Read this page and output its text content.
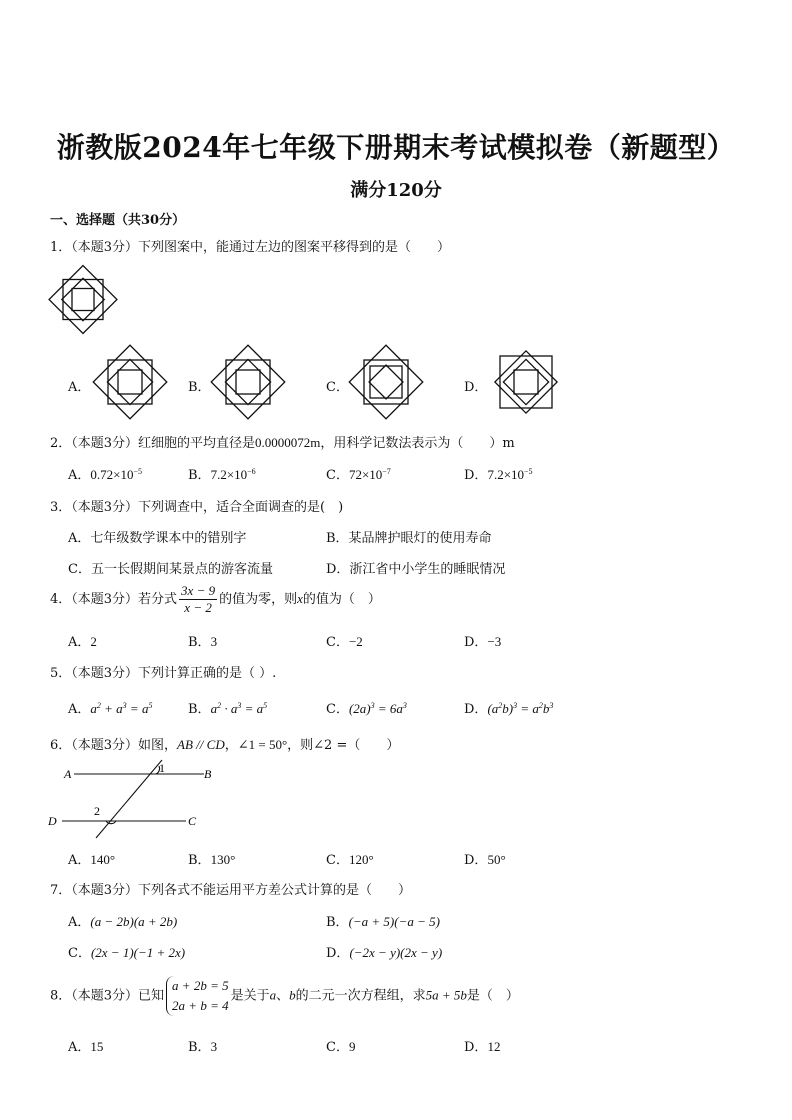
浙教版2024年七年级下册期末考试模拟卷（新题型）
满分120分
一、选择题（共30分）
1．（本题3分）下列图案中，能通过左边的图案平移得到的是（　　）
A．	B．	C．	D．
2．（本题3分）红细胞的平均直径是0.0000072m，用科学记数法表示为（　　）m
A．$0.72\times 10^{-5}$	B．$7.2\times 10^{-6}$	C．$72\times 10^{-7}$	D．$7.2\times 10^{-5}$
3．（本题3分）下列调查中，适合全面调查的是(　)
A．七年级数学课本中的错别字	B．某品牌护眼灯的使用寿命
C．五一长假期间某景点的游客流量	D．浙江省中小学生的睡眠情况
4．（本题3分）若分式 $\frac{3x - 9}{x - 2}$ 的值为零，则x的值为（　）
A．2	B．3	C．−2	D．−3
5．（本题3分）下列计算正确的是（ ）.
A．$a^2 + a^3 = a^5$	B．$a^2 \cdot a^3 = a^5$	C．$(2a)^3 = 6a^3$	D．$(a^2b)^3 = a^2b^3$
6．（本题3分）如图，AB // CD，∠1 = 50°，则∠2 =（　　）
A	B
C
D
1
2
A．140°	B．130°	C．120°	D．50°
7．（本题3分）下列各式不能运用平方差公式计算的是（　　）
A．(a − 2b)(a + 2b)	B．(−a + 5)(−a − 5)
C．(2x − 1)(−1 + 2x)	D．(−2x − y)(2x − y)
8．（本题3分）已知
a + 2b = 5
2a + b = 4
是关于a、b的二元一次方程组，求5a + 5b是（　）
A．15	B．3	C．9	D．12
